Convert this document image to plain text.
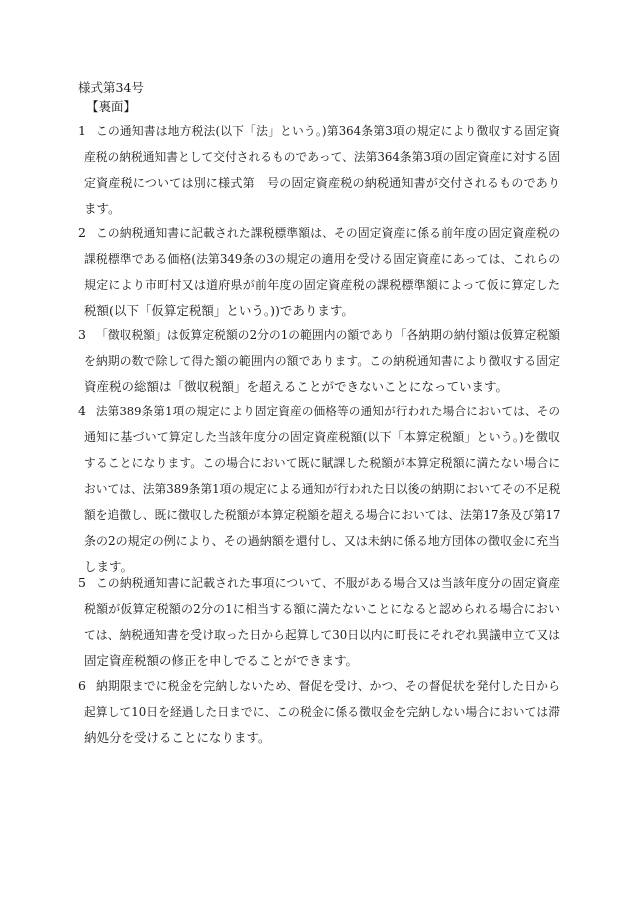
様式第34号
【裏面】
1 この通知書は地方税法(以下「法」という。)第364条第3項の規定により徴収する固定資
産税の納税通知書として交付されるものであって、法第364条第3項の固定資産に対する固
定資産税については別に様式第　号の固定資産税の納税通知書が交付されるものであり
ます。
2 この納税通知書に記載された課税標準額は、その固定資産に係る前年度の固定資産税の
課税標準である価格(法第349条の3の規定の適用を受ける固定資産にあっては、これらの
規定により市町村又は道府県が前年度の固定資産税の課税標準額によって仮に算定した
税額(以下「仮算定税額」という。))であります。
3 「徴収税額」は仮算定税額の2分の1の範囲内の額であり「各納期の納付額は仮算定税額
を納期の数で除して得た額の範囲内の額であります。この納税通知書により徴収する固定
資産税の総額は「徴収税額」を超えることができないことになっています。
4 法第389条第1項の規定により固定資産の価格等の通知が行われた場合においては、その
通知に基づいて算定した当該年度分の固定資産税額(以下「本算定税額」という。)を徴収
することになります。この場合において既に賦課した税額が本算定税額に満たない場合に
おいては、法第389条第1項の規定による通知が行われた日以後の納期においてその不足税
額を追徴し、既に徴収した税額が本算定税額を超える場合においては、法第17条及び第17
条の2の規定の例により、その過納額を還付し、又は未納に係る地方団体の徴収金に充当
します。
5 この納税通知書に記載された事項について、不服がある場合又は当該年度分の固定資産
税額が仮算定税額の2分の1に相当する額に満たないことになると認められる場合におい
ては、納税通知書を受け取った日から起算して30日以内に町長にそれぞれ異議申立て又は
固定資産税額の修正を申しでることができます。
6 納期限までに税金を完納しないため、督促を受け、かつ、その督促状を発付した日から
起算して10日を経過した日までに、この税金に係る徴収金を完納しない場合においては滞
納処分を受けることになります。
